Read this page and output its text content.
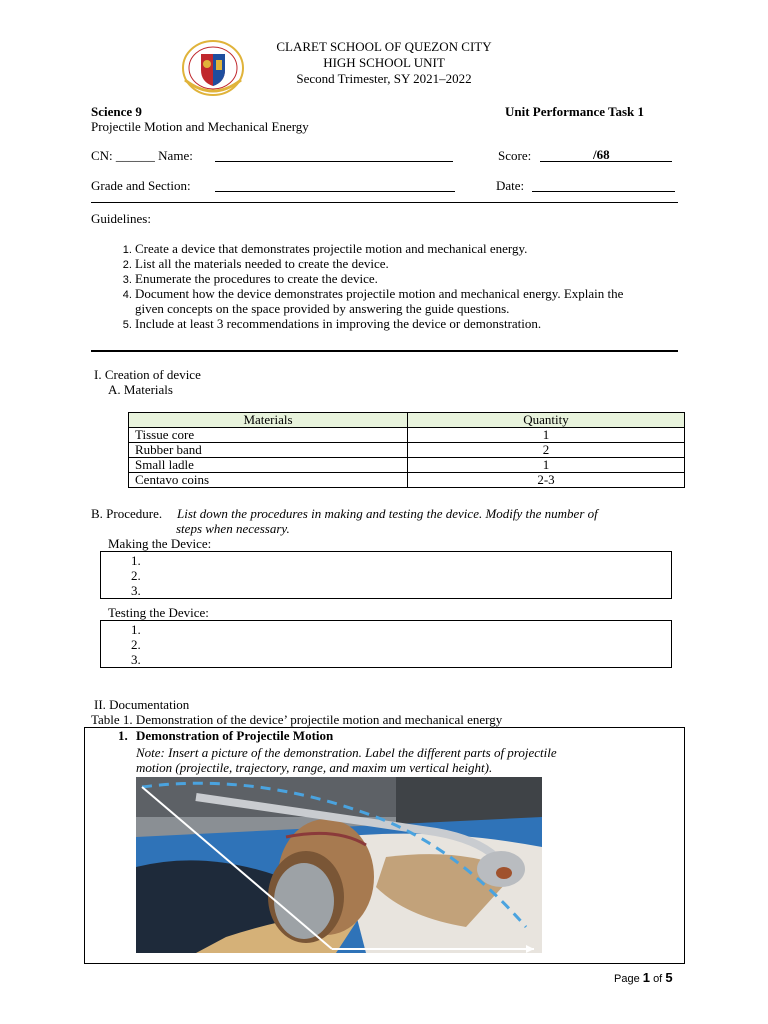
CLARET SCHOOL OF QUEZON CITY
HIGH SCHOOL UNIT
Second Trimester, SY 2021–2022
Science 9	Unit Performance Task 1
Projectile Motion and Mechanical Energy
CN: ______ Name:	Score:	/68
Grade and Section:	Date:
Guidelines:
1. Create a device that demonstrates projectile motion and mechanical energy.
2. List all the materials needed to create the device.
3. Enumerate the procedures to create the device.
4. Document how the device demonstrates projectile motion and mechanical energy. Explain the given concepts on the space provided by answering the guide questions.
5. Include at least 3 recommendations in improving the device or demonstration.
I. Creation of device
A. Materials
Materials	Quantity
Tissue core	1
Rubber band	2
Small ladle	1
Centavo coins	2-3
B. Procedure. List down the procedures in making and testing the device. Modify the number of
steps when necessary.
Making the Device:
1.
2.
3.
Testing the Device:
1.
2.
3.
II. Documentation
Table 1. Demonstration of the device’ projectile motion and mechanical energy
1. Demonstration of Projectile Motion
Note: Insert a picture of the demonstration. Label the different parts of projectile
motion (projectile, trajectory, range, and maxim um vertical height).
Page 1 of 5
